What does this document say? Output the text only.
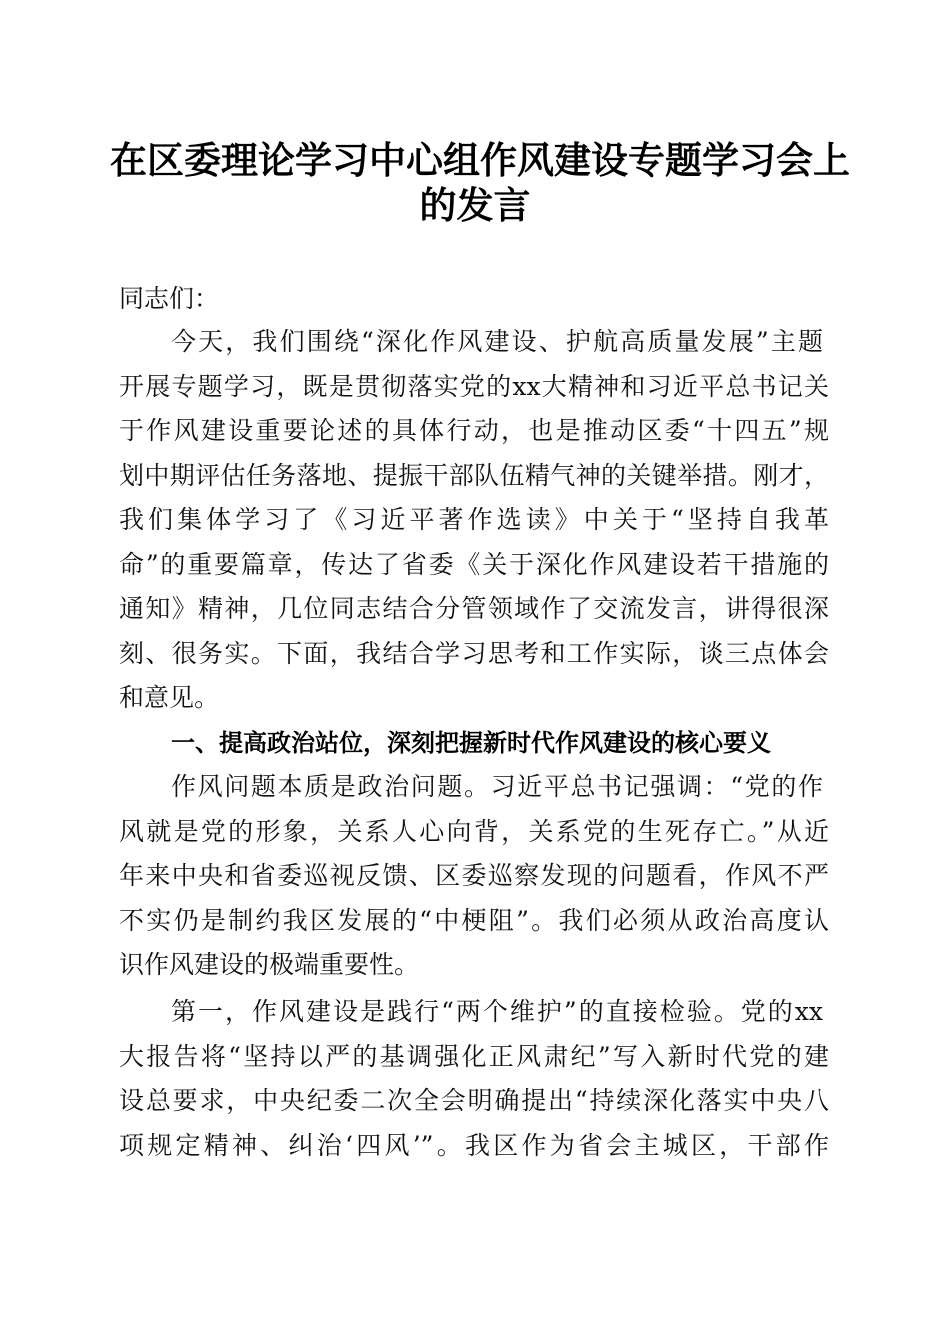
在区委理论学习中心组作风建设专题学习会上
的发言
同志们：
今天，我们围绕“深化作风建设、护航高质量发展”主题
开展专题学习，既是贯彻落实党的xx大精神和习近平总书记关
于作风建设重要论述的具体行动，也是推动区委“十四五”规
划中期评估任务落地、提振干部队伍精气神的关键举措。刚才，
我们集体学习了《习近平著作选读》中关于“坚持自我革
命”的重要篇章，传达了省委《关于深化作风建设若干措施的
通知》精神，几位同志结合分管领域作了交流发言，讲得很深
刻、很务实。下面，我结合学习思考和工作实际，谈三点体会
和意见。
一、提高政治站位，深刻把握新时代作风建设的核心要义
作风问题本质是政治问题。习近平总书记强调：“党的作
风就是党的形象，关系人心向背，关系党的生死存亡。”从近
年来中央和省委巡视反馈、区委巡察发现的问题看，作风不严
不实仍是制约我区发展的“中梗阻”。我们必须从政治高度认
识作风建设的极端重要性。
第一，作风建设是践行“两个维护”的直接检验。党的xx
大报告将“坚持以严的基调强化正风肃纪”写入新时代党的建
设总要求，中央纪委二次全会明确提出“持续深化落实中央八
项规定精神、纠治‘四风’”。我区作为省会主城区，干部作
